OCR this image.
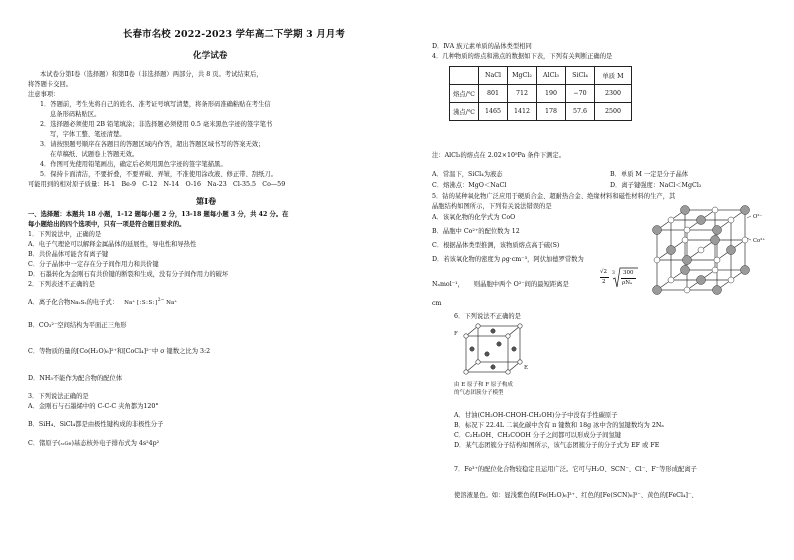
长春市名校 2022-2023 学年高二下学期 3 月月考
化学试卷
本试卷分第Ⅰ卷（选择题）和第Ⅱ卷（非选择题）两部分，共 8 页。考试结束后，
将答题卡交回。
注意事项：
1．答题前，考生先将自己的姓名、准考证号填写清楚，将条形码准确粘贴在考生信
息条形码粘贴区。
2．选择题必须使用 2B 铅笔填涂；非选择题必须使用 0.5 毫米黑色字迹的签字笔书
写，字体工整、笔迹清楚。
3．请按照题号顺序在各题目的答题区域内作答，超出答题区域书写的答案无效；
在草稿纸、试题卷上答题无效。
4．作图可先使用铅笔画出，确定后必须用黑色字迹的签字笔描黑。
5．保持卡面清洁，不要折叠，不要弄破、弄皱，不准使用涂改液、修正带、刮纸刀。
可能用到的相对原子质量：H-1　Be-9　C-12　N-14　O-16　Na-23　Cl-35.5　Co—59
第Ⅰ卷
一、选择题：本题共 18 小题，1-12 题每小题 2 分，13-18 题每小题 3 分，共 42 分。在
每小题给出的四个选项中，只有一项是符合题目要求的。
1．下列说法中，正确的是
A．电子气理论可以解释金属晶体的延展性，导电性和导热性
B．共价晶体可能含有离子键
C．分子晶体中一定存在分子间作用力和共价键
D．石墨转化为金刚石有共价键的断裂和生成，没有分子间作用力的破坏
2．下列表述不正确的是
A．离子化合物Na₂S₂的电子式： Na⁺ [:S:S:]$^{2-}$ Na⁺
B．CO₃²⁻空间结构为平面正三角形
C．等物质的量的[Co(H₂O)₆]²⁺和[CoCl₄]²⁻中 σ 键数之比为 3:2
D．NH₃不能作为配合物的配位体
3．下列说法正确的是
A．金刚石与石墨烯中的 C-C-C 夹角都为120°
B．SiH₄、SiCl₄都是由极性键构成的非极性分子
C．锗原子(₃₂Ge)基态核外电子排布式为 4s²4p²
D．ⅣA 族元素单质的晶体类型相同
4．几种物质的熔点和沸点的数据如下表，下列有关判断正确的是
	NaCl	MgCl₂	AlCl₃	SiCl₄	单质 M
熔点/℃	801	712	190	−70	2300
沸点/℃	1465	1412	178	57.6	2500
注：AlCl₃的熔点在 2.02×10⁵Pa 条件下测定。
A．常温下，SiCl₄为液态	B．单质 M 一定是分子晶体
C．熔沸点：MgO＜NaCl	D．离子键强度：NaCl＜MgCl₂
5．钴的某种氧化物广泛应用于硬质合金、超耐热合金、绝缘材料和磁性材料的生产，其
晶胞结构如图所示，下列有关说法错误的是
A．该氧化物的化学式为 CoO
B．晶胞中 Co²⁺的配位数为 12
C．根据晶体类型推测，该物质熔点高于硫(S)
D．若该氧化物的密度为 ρg·cm⁻³，阿伏加德罗常数为
Nₐmol⁻¹， 则晶胞中两个 O²⁻间的最短距离是
√2
2
3 300
ρNₐ
cm
O²⁻
Co²⁺
6．下列说法不正确的是
F
E
由 E 原子和 F 原子构成
的气态团簇分子模型
A．甘油(CH₂OH-CHOH-CH₂OH)分子中没有手性碳原子
B．标况下 22.4L 二氧化碳中含有 π 键数和 18g 冰中含的氢键数均为 2Nₐ
C．C₂H₅OH、CH₃COOH 分子之间都可以形成分子间氢键
D．某气态团簇分子结构如图所示，该气态团簇分子的分子式为 EF 或 FE
7．Fe³⁺的配位化合物较稳定且运用广泛。它可与H₂O、SCN⁻、Cl⁻、F⁻等形成配离子
使溶液显色。如：显浅紫色的[Fe(H₂O)₆]³⁺、红色的[Fe(SCN)₆]³⁻、黄色的[FeCl₄]⁻、
